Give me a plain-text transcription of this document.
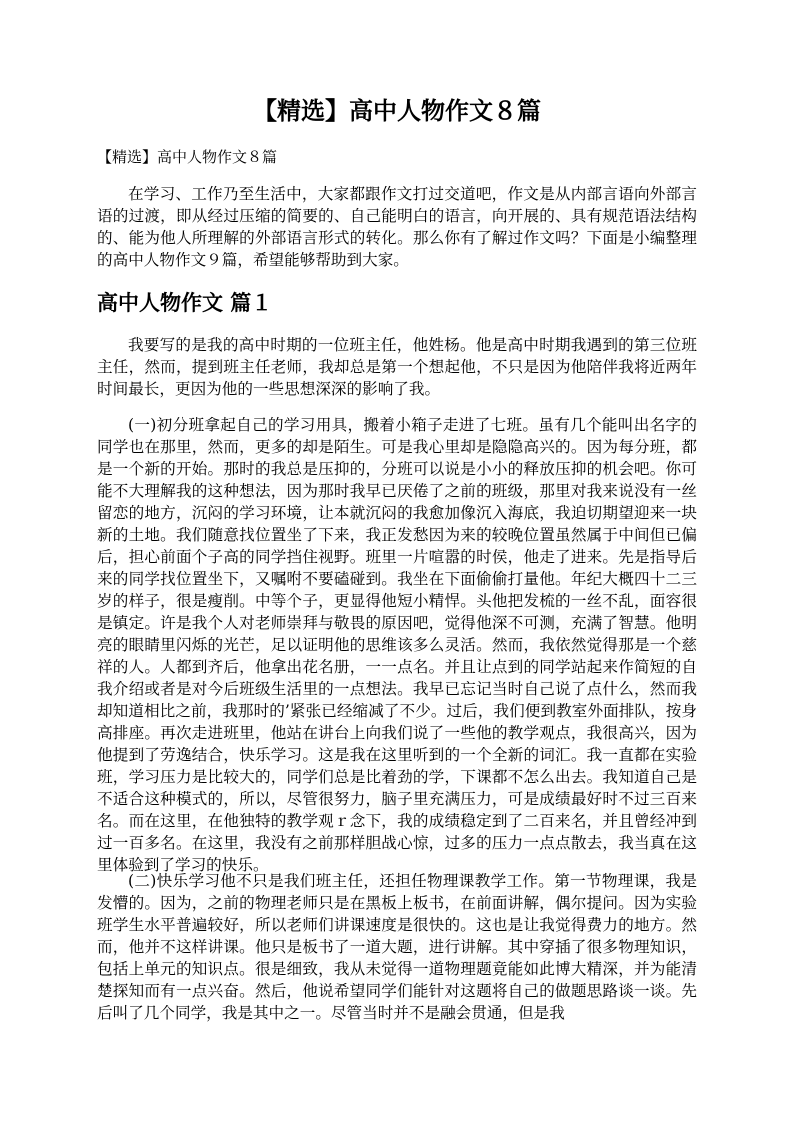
【精选】高中人物作文８篇
【精选】高中人物作文８篇

在学习、工作乃至生活中，大家都跟作文打过交道吧，作文是从内部言语向外部言语的过渡，即从经过压缩的简要的、自己能明白的语言，向开展的、具有规范语法结构的、能为他人所理解的外部语言形式的转化。那么你有了解过作文吗？下面是小编整理的高中人物作文９篇，希望能够帮助到大家。

高中人物作文 篇１

我要写的是我的高中时期的一位班主任，他姓杨。他是高中时期我遇到的第三位班主任，然而，提到班主任老师，我却总是第一个想起他，不只是因为他陪伴我将近两年时间最长，更因为他的一些思想深深的影响了我。

(一)初分班拿起自己的学习用具，搬着小箱子走进了七班。虽有几个能叫出名字的同学也在那里，然而，更多的却是陌生。可是我心里却是隐隐高兴的。因为每分班，都是一个新的开始。那时的我总是压抑的，分班可以说是小小的释放压抑的机会吧。你可能不大理解我的这种想法，因为那时我早已厌倦了之前的班级，那里对我来说没有一丝留恋的地方，沉闷的学习环境，让本就沉闷的我愈加像沉入海底，我迫切期望迎来一块新的土地。我们随意找位置坐了下来，我正发愁因为来的较晚位置虽然属于中间但已偏后，担心前面个子高的同学挡住视野。班里一片喧嚣的时侯，他走了进来。先是指导后来的同学找位置坐下，又嘱咐不要磕碰到。我坐在下面偷偷打量他。年纪大概四十二三岁的样子，很是瘦削。中等个子，更显得他短小精悍。头他把发梳的一丝不乱，面容很是镇定。许是我个人对老师崇拜与敬畏的原因吧，觉得他深不可测，充满了智慧。他明亮的眼睛里闪烁的光芒，足以证明他的思维该多么灵活。然而，我依然觉得那是一个慈祥的人。人都到齐后，他拿出花名册，一一点名。并且让点到的同学站起来作简短的自我介绍或者是对今后班级生活里的一点想法。我早已忘记当时自己说了点什么，然而我却知道相比之前，我那时的’紧张已经缩减了不少。过后，我们便到教室外面排队，按身高排座。再次走进班里，他站在讲台上向我们说了一些他的教学观点，我很高兴，因为他提到了劳逸结合，快乐学习。这是我在这里听到的一个全新的词汇。我一直都在实验班，学习压力是比较大的，同学们总是比着劲的学，下课都不怎么出去。我知道自己是不适合这种模式的，所以，尽管很努力，脑子里充满压力，可是成绩最好时不过三百来名。而在这里，在他独特的教学观ｒ念下，我的成绩稳定到了二百来名，并且曾经冲到过一百多名。在这里，我没有之前那样胆战心惊，过多的压力一点点散去，我当真在这里体验到了学习的快乐。

(二)快乐学习他不只是我们班主任，还担任物理课教学工作。第一节物理课，我是发懵的。因为，之前的物理老师只是在黑板上板书，在前面讲解，偶尔提问。因为实验班学生水平普遍较好，所以老师们讲课速度是很快的。这也是让我觉得费力的地方。然而，他并不这样讲课。他只是板书了一道大题，进行讲解。其中穿插了很多物理知识，包括上单元的知识点。很是细致，我从未觉得一道物理题竟能如此博大精深，并为能清楚探知而有一点兴奋。然后，他说希望同学们能针对这题将自己的做题思路谈一谈。先后叫了几个同学，我是其中之一。尽管当时并不是融会贯通，但是我
